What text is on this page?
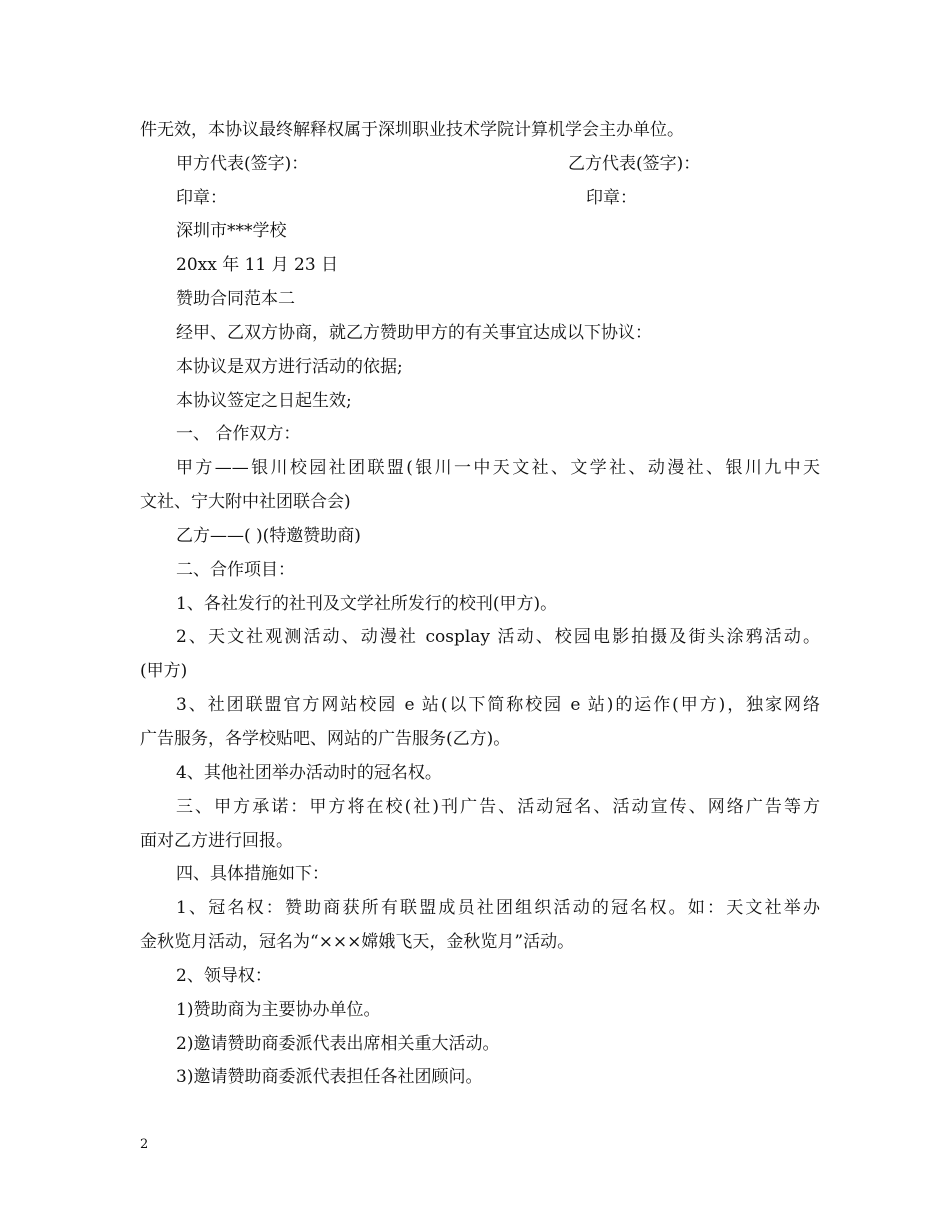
件无效，本协议最终解释权属于深圳职业技术学院计算机学会主办单位。
甲方代表(签字)：	乙方代表(签字)：
印章：	印章：
深圳市***学校
20xx 年 11 月 23 日
赞助合同范本二
经甲、乙双方协商，就乙方赞助甲方的有关事宜达成以下协议：
本协议是双方进行活动的依据;
本协议签定之日起生效;
一、 合作双方：
甲方——银川校园社团联盟(银川一中天文社、文学社、动漫社、银川九中天
文社、宁大附中社团联合会)
乙方——( )(特邀赞助商)
二、合作项目：
1、各社发行的社刊及文学社所发行的校刊(甲方)。
2、天文社观测活动、动漫社 cosplay 活动、校园电影拍摄及街头涂鸦活动。
(甲方)
3、社团联盟官方网站校园 e 站(以下简称校园 e 站)的运作(甲方)，独家网络
广告服务，各学校贴吧、网站的广告服务(乙方)。
4、其他社团举办活动时的冠名权。
三、甲方承诺：甲方将在校(社)刊广告、活动冠名、活动宣传、网络广告等方
面对乙方进行回报。
四、具体措施如下：
1、冠名权：赞助商获所有联盟成员社团组织活动的冠名权。如：天文社举办
金秋览月活动，冠名为“×××嫦娥飞天，金秋览月”活动。
2、领导权：
1)赞助商为主要协办单位。
2)邀请赞助商委派代表出席相关重大活动。
3)邀请赞助商委派代表担任各社团顾问。
2
